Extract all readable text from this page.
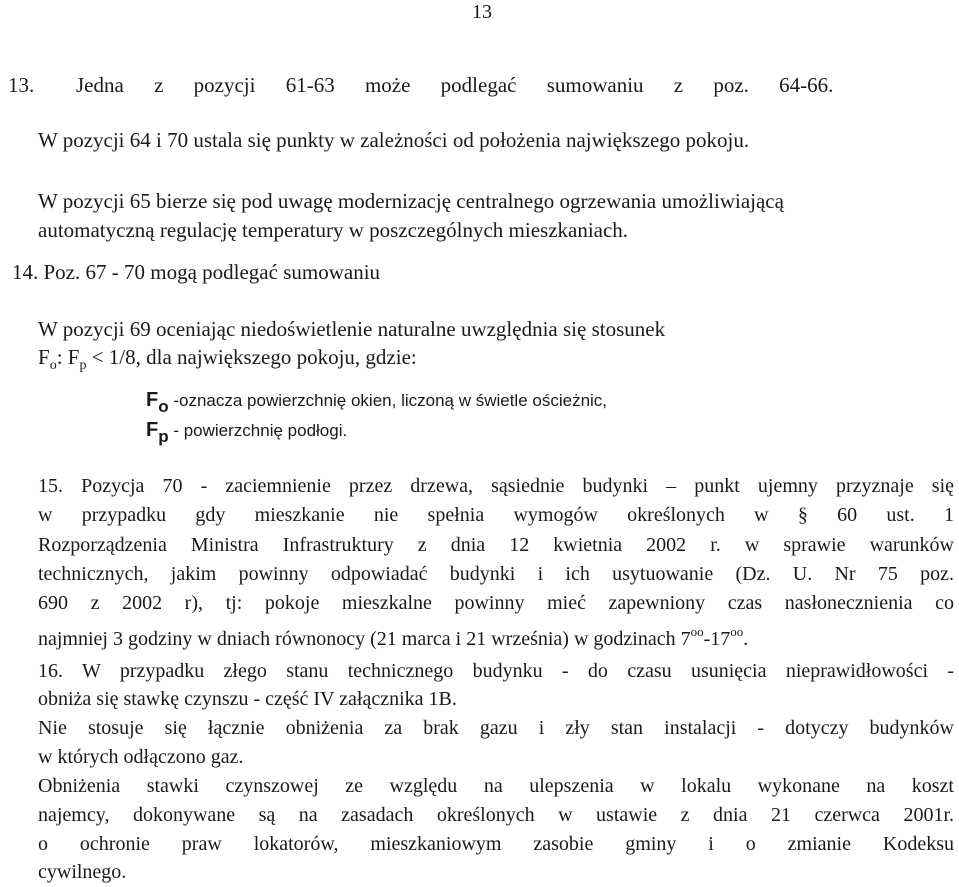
13
13. Jedna z pozycji 61-63 może podlegać sumowaniu z poz. 64-66.
W pozycji 64 i 70 ustala się punkty w zależności od położenia największego pokoju.
W pozycji 65 bierze się pod uwagę modernizację centralnego ogrzewania umożliwiającą
automatyczną regulację temperatury w poszczególnych mieszkaniach.
14. Poz. 67 - 70 mogą podlegać sumowaniu
W pozycji 69 oceniając niedoświetlenie naturalne uwzględnia się stosunek
$F_o$: $F_p < 1/8$, dla największego pokoju, gdzie:
Fo -oznacza powierzchnię okien, liczoną w świetle ościeżnic,
Fp - powierzchnię podłogi.
15. Pozycja 70 - zaciemnienie przez drzewa, sąsiednie budynki – punkt ujemny przyznaje się
w przypadku gdy mieszkanie nie spełnia wymogów określonych w § 60 ust. 1
Rozporządzenia Ministra Infrastruktury z dnia 12 kwietnia 2002 r. w sprawie warunków
technicznych, jakim powinny odpowiadać budynki i ich usytuowanie (Dz. U. Nr 75 poz.
690 z 2002 r), tj: pokoje mieszkalne powinny mieć zapewniony czas nasłonecznienia co
najmniej 3 godziny w dniach równonocy (21 marca i 21 września) w godzinach $7^{oo}-17^{oo}$.
16. W przypadku złego stanu technicznego budynku - do czasu usunięcia nieprawidłowości -
obniża się stawkę czynszu - część IV załącznika 1B.
Nie stosuje się łącznie obniżenia za brak gazu i zły stan instalacji - dotyczy budynków
w których odłączono gaz.
Obniżenia stawki czynszowej ze względu na ulepszenia w lokalu wykonane na koszt
najemcy, dokonywane są na zasadach określonych w ustawie z dnia 21 czerwca 2001r.
o ochronie praw lokatorów, mieszkaniowym zasobie gminy i o zmianie Kodeksu
cywilnego.
